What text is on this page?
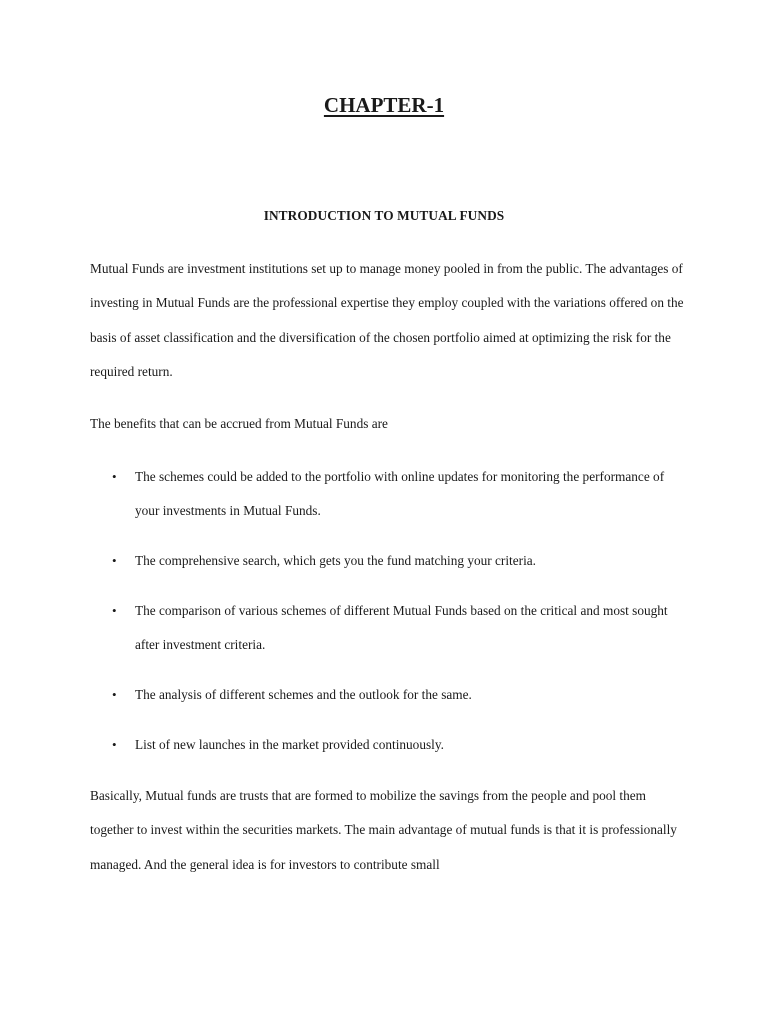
CHAPTER-1
INTRODUCTION TO MUTUAL FUNDS

Mutual Funds are investment institutions set up to manage money pooled in from the public. The advantages of investing in Mutual Funds are the professional expertise they employ coupled with the variations offered on the basis of asset classification and the diversification of the chosen portfolio aimed at optimizing the risk for the required return.

The benefits that can be accrued from Mutual Funds are

• The schemes could be added to the portfolio with online updates for monitoring the performance of your investments in Mutual Funds.
• The comprehensive search, which gets you the fund matching your criteria.
• The comparison of various schemes of different Mutual Funds based on the critical and most sought after investment criteria.
• The analysis of different schemes and the outlook for the same.
• List of new launches in the market provided continuously.

Basically, Mutual funds are trusts that are formed to mobilize the savings from the people and pool them together to invest within the securities markets. The main advantage of mutual funds is that it is professionally managed. And the general idea is for investors to contribute small
